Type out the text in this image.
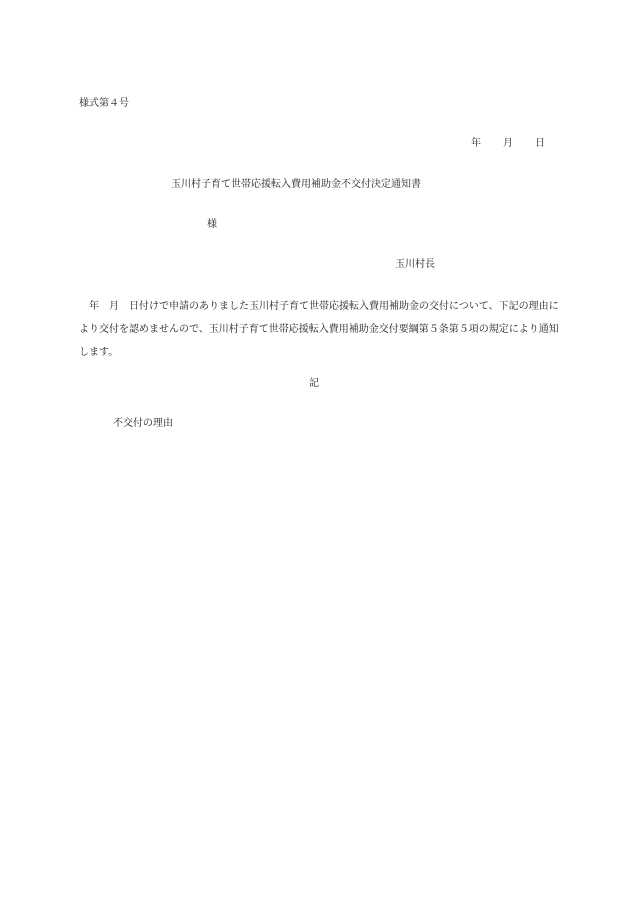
様式第４号
年 月 日
玉川村子育て世帯応援転入費用補助金不交付決定通知書
様
玉川村長
年　月　日付けで申請のありました玉川村子育て世帯応援転入費用補助金の交付について、下記の理由により交付を認めませんので、玉川村子育て世帯応援転入費用補助金交付要綱第５条第５項の規定により通知します。
記
不交付の理由
